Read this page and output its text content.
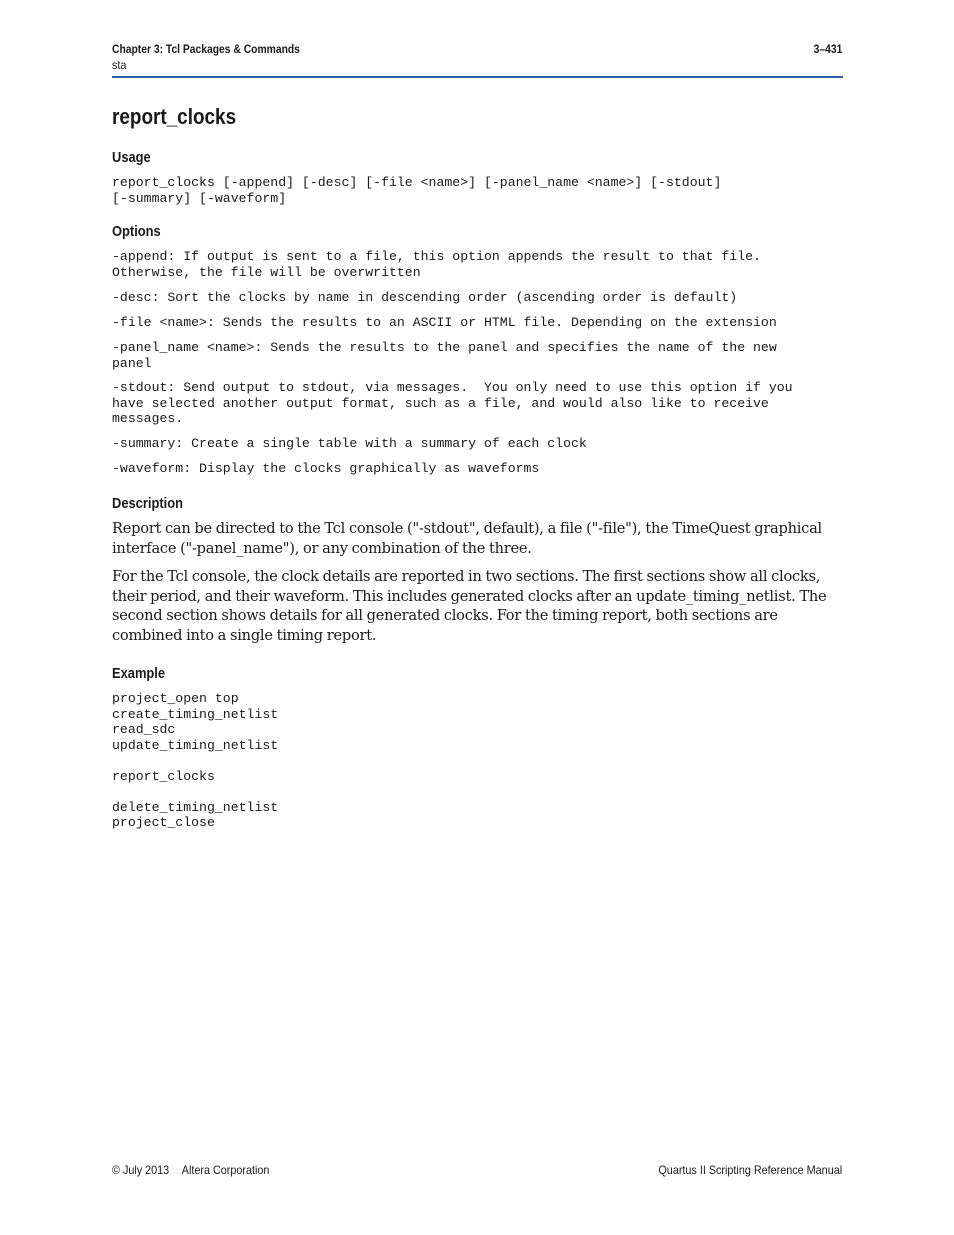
Chapter 3: Tcl Packages & Commands	3–431
sta
report_clocks
Usage
report_clocks [-append] [-desc] [-file <name>] [-panel_name <name>] [-stdout]
[-summary] [-waveform]
Options
-append: If output is sent to a file, this option appends the result to that file.
Otherwise, the file will be overwritten
-desc: Sort the clocks by name in descending order (ascending order is default)
-file <name>: Sends the results to an ASCII or HTML file. Depending on the extension
-panel_name <name>: Sends the results to the panel and specifies the name of the new
panel
-stdout: Send output to stdout, via messages.  You only need to use this option if you
have selected another output format, such as a file, and would also like to receive
messages.
-summary: Create a single table with a summary of each clock
-waveform: Display the clocks graphically as waveforms
Description

Report can be directed to the Tcl console ("-stdout", default), a file ("-file"), the TimeQuest graphical interface ("-panel_name"), or any combination of the three.

For the Tcl console, the clock details are reported in two sections. The first sections show all clocks, their period, and their waveform. This includes generated clocks after an update_timing_netlist. The second section shows details for all generated clocks. For the timing report, both sections are combined into a single timing report.

Example
project_open top
create_timing_netlist
read_sdc
update_timing_netlist

report_clocks

delete_timing_netlist
project_close
© July 2013 Altera Corporation	Quartus II Scripting Reference Manual
